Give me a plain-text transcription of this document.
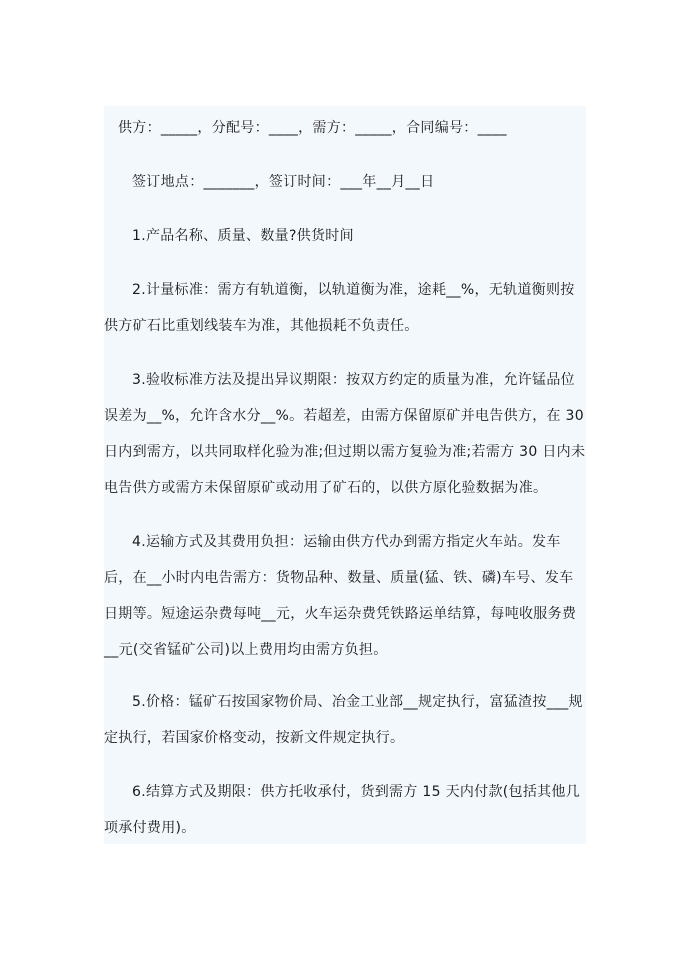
供方：_____，分配号：____，需方：_____，合同编号：____

签订地点：_______，签订时间：___年__月__日

1.产品名称、质量、数量?供货时间

2.计量标准：需方有轨道衡，以轨道衡为准，途耗__%，无轨道衡则按供方矿石比重划线装车为准，其他损耗不负责任。

3.验收标准方法及提出异议期限：按双方约定的质量为准，允许锰品位误差为__%，允许含水分__%。若超差，由需方保留原矿并电告供方，在 30 日内到需方，以共同取样化验为准;但过期以需方复验为准;若需方 30 日内未电告供方或需方未保留原矿或动用了矿石的，以供方原化验数据为准。

4.运输方式及其费用负担：运输由供方代办到需方指定火车站。发车后，在__小时内电告需方：货物品种、数量、质量(猛、铁、磷)车号、发车日期等。短途运杂费每吨__元，火车运杂费凭铁路运单结算，每吨收服务费__元(交省锰矿公司)以上费用均由需方负担。

5.价格：锰矿石按国家物价局、冶金工业部__规定执行，富猛渣按___规定执行，若国家价格变动，按新文件规定执行。

6.结算方式及期限：供方托收承付，货到需方 15 天内付款(包括其他几项承付费用)。
